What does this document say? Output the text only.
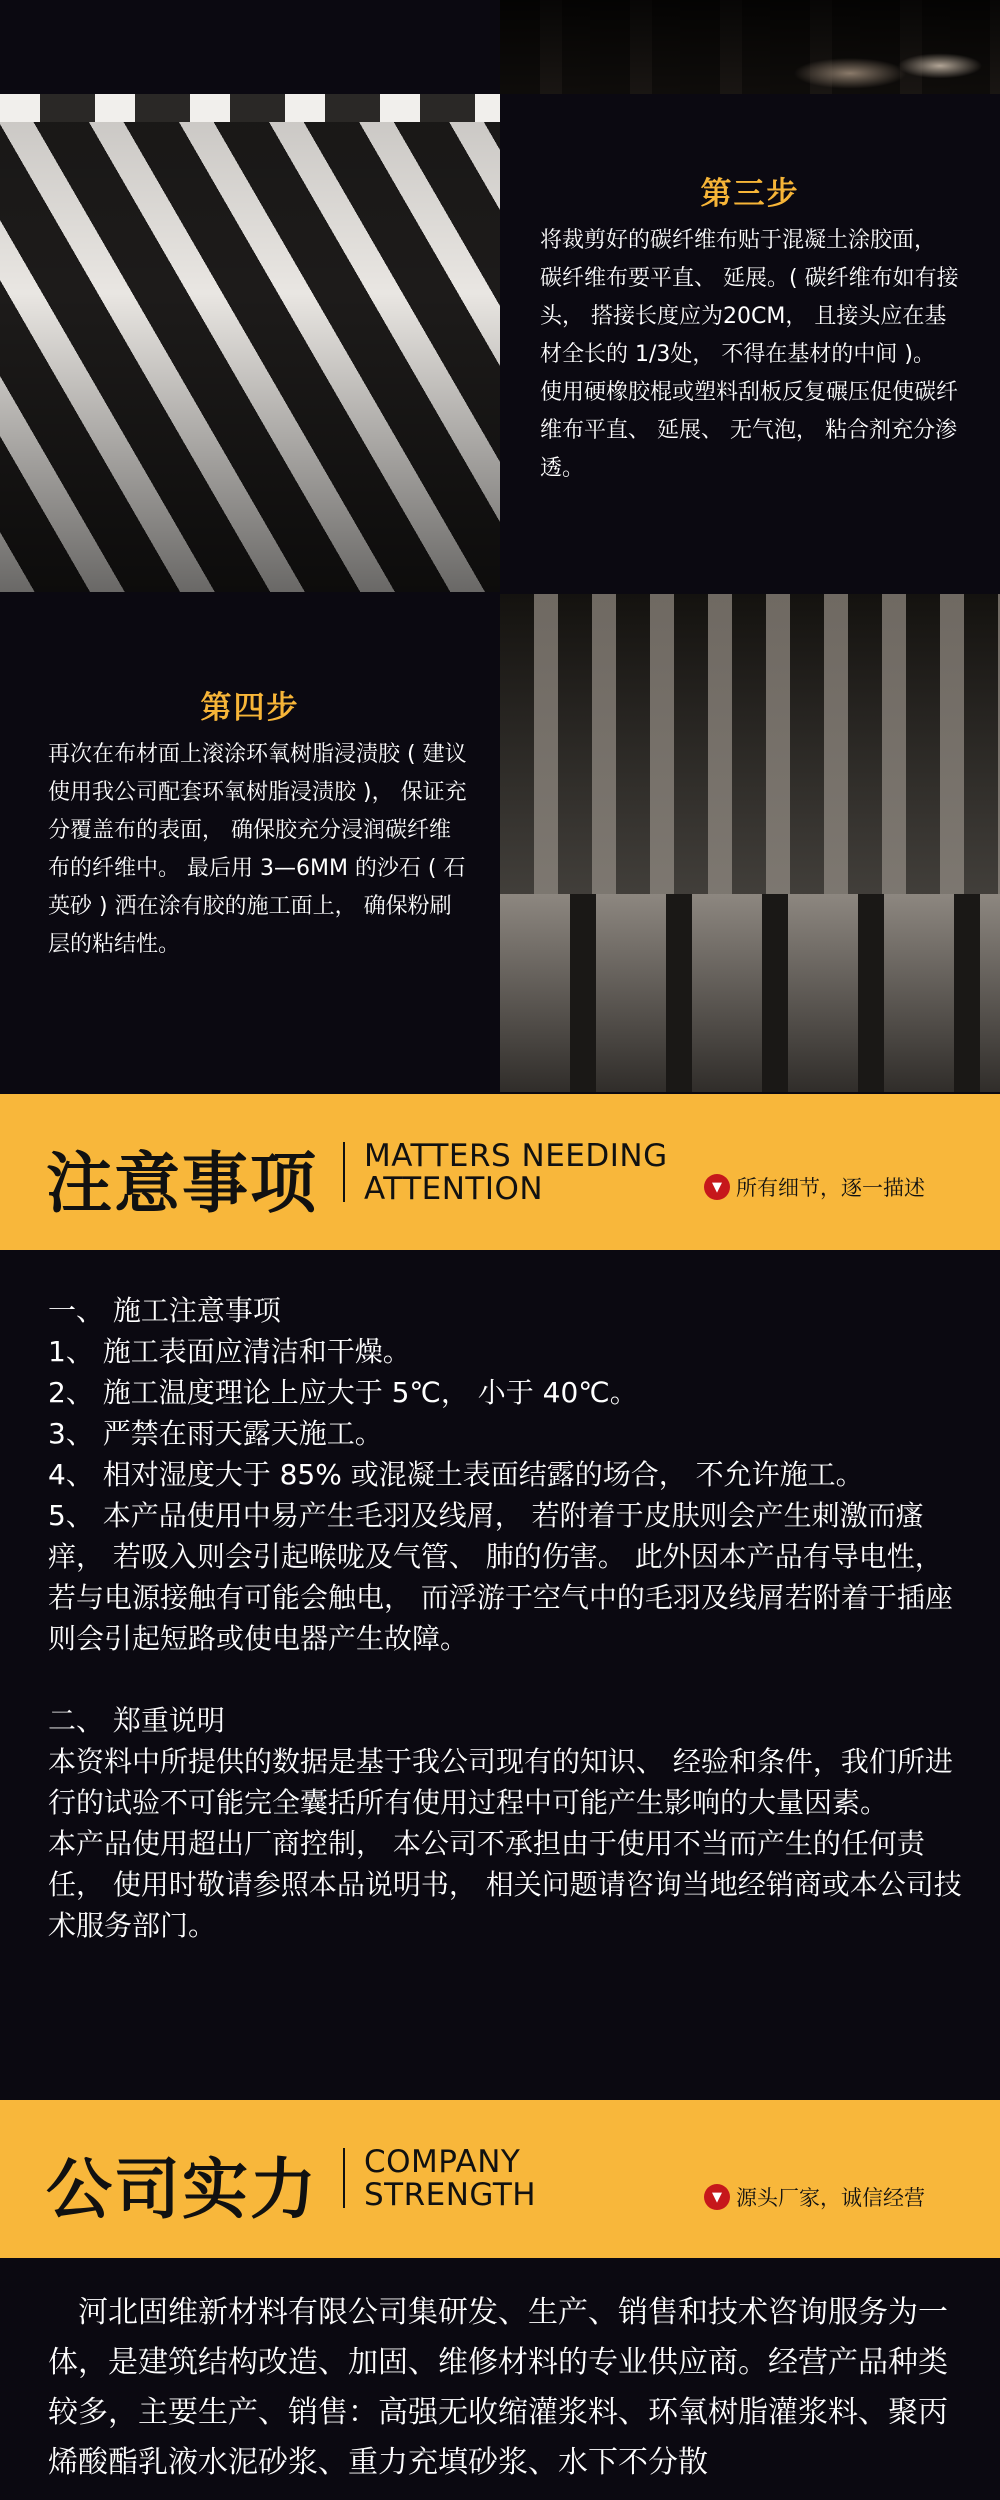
第三步
将裁剪好的碳纤维布贴于混凝土涂胶面， 碳纤维布要平直、 延展。( 碳纤维布如有接头， 搭接长度应为20CM， 且接头应在基材全长的 1/3处， 不得在基材的中间 )。 使用硬橡胶棍或塑料刮板反复碾压促使碳纤维布平直、 延展、 无气泡， 粘合剂充分渗透。
第四步
再次在布材面上滚涂环氧树脂浸渍胶 ( 建议使用我公司配套环氧树脂浸渍胶 )， 保证充分覆盖布的表面， 确保胶充分浸润碳纤维布的纤维中。 最后用 3—6MM 的沙石 ( 石英砂 ) 洒在涂有胶的施工面上， 确保粉刷层的粘结性。
注意事项 MATTERS NEEDING
ATTENTION	▼ 所有细节，逐一描述

一、 施工注意事项

1、 施工表面应清洁和干燥。

2、 施工温度理论上应大于 5℃， 小于 40℃。

3、 严禁在雨天露天施工。

4、 相对湿度大于 85% 或混凝土表面结露的场合， 不允许施工。

5、 本产品使用中易产生毛羽及线屑， 若附着于皮肤则会产生刺激而瘙痒， 若吸入则会引起喉咙及气管、 肺的伤害。 此外因本产品有导电性， 若与电源接触有可能会触电， 而浮游于空气中的毛羽及线屑若附着于插座则会引起短路或使电器产生故障。

二、 郑重说明

本资料中所提供的数据是基于我公司现有的知识、 经验和条件，我们所进行的试验不可能完全囊括所有使用过程中可能产生影响的大量因素。

本产品使用超出厂商控制， 本公司不承担由于使用不当而产生的任何责任， 使用时敬请参照本品说明书， 相关问题请咨询当地经销商或本公司技术服务部门。

公司实力 COMPANY
STRENGTH	▼ 源头厂家，诚信经营
河北固维新材料有限公司集研发、生产、销售和技术咨询服务为一体，是建筑结构改造、加固、维修材料的专业供应商。经营产品种类较多，主要生产、销售：高强无收缩灌浆料、环氧树脂灌浆料、聚丙烯酸酯乳液水泥砂浆、重力充填砂浆、水下不分散
